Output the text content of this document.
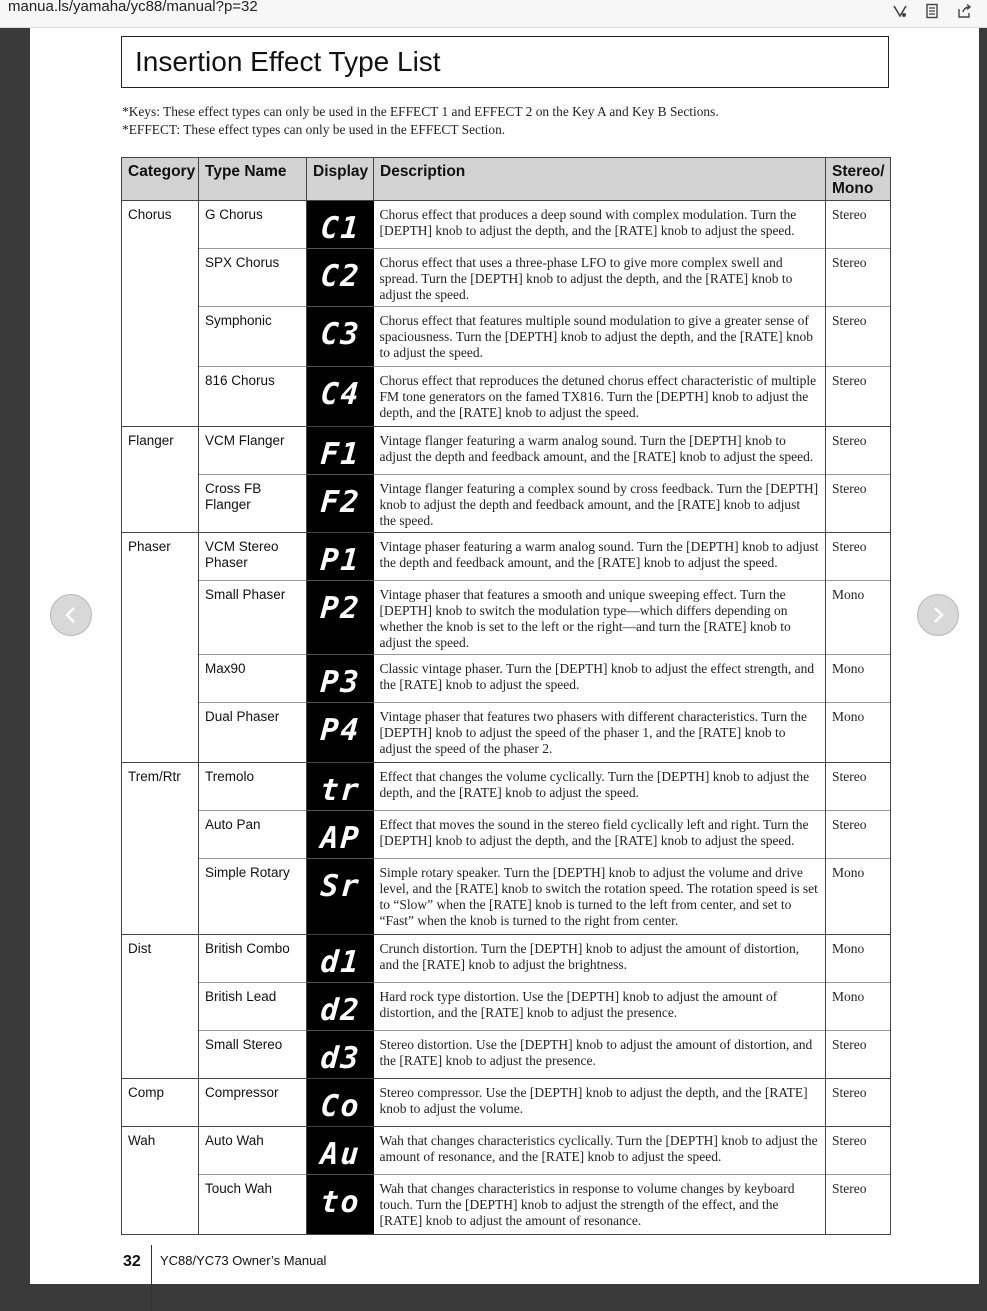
manua.ls/yamaha/yc88/manual?p=32
Insertion Effect Type List
*Keys: These effect types can only be used in the EFFECT 1 and EFFECT 2 on the Key A and Key B Sections.
*EFFECT: These effect types can only be used in the EFFECT Section.
Category	Type Name	Display	Description	Stereo/ Mono
Chorus	G Chorus	C1	Chorus effect that produces a deep sound with complex modulation. Turn the [DEPTH] knob to adjust the depth, and the [RATE] knob to adjust the speed.	Stereo
	SPX Chorus	C2	Chorus effect that uses a three-phase LFO to give more complex swell and spread. Turn the [DEPTH] knob to adjust the depth, and the [RATE] knob to adjust the speed.	Stereo
	Symphonic	C3	Chorus effect that features multiple sound modulation to give a greater sense of spaciousness. Turn the [DEPTH] knob to adjust the depth, and the [RATE] knob to adjust the speed.	Stereo
	816 Chorus	C4	Chorus effect that reproduces the detuned chorus effect characteristic of multiple FM tone generators on the famed TX816. Turn the [DEPTH] knob to adjust the depth, and the [RATE] knob to adjust the speed.	Stereo
Flanger	VCM Flanger	F1	Vintage flanger featuring a warm analog sound. Turn the [DEPTH] knob to adjust the depth and feedback amount, and the [RATE] knob to adjust the speed.	Stereo
	Cross FB Flanger	F2	Vintage flanger featuring a complex sound by cross feedback. Turn the [DEPTH] knob to adjust the depth and feedback amount, and the [RATE] knob to adjust the speed.	Stereo
Phaser	VCM Stereo Phaser	P1	Vintage phaser featuring a warm analog sound. Turn the [DEPTH] knob to adjust the depth and feedback amount, and the [RATE] knob to adjust the speed.	Stereo
	Small Phaser	P2	Vintage phaser that features a smooth and unique sweeping effect. Turn the [DEPTH] knob to switch the modulation type—which differs depending on whether the knob is set to the left or the right—and turn the [RATE] knob to adjust the speed.	Mono
	Max90	P3	Classic vintage phaser. Turn the [DEPTH] knob to adjust the effect strength, and the [RATE] knob to adjust the speed.	Mono
	Dual Phaser	P4	Vintage phaser that features two phasers with different characteristics. Turn the [DEPTH] knob to adjust the speed of the phaser 1, and the [RATE] knob to adjust the speed of the phaser 2.	Mono
Trem/Rtr	Tremolo	tr	Effect that changes the volume cyclically. Turn the [DEPTH] knob to adjust the depth, and the [RATE] knob to adjust the speed.	Stereo
	Auto Pan	AP	Effect that moves the sound in the stereo field cyclically left and right. Turn the [DEPTH] knob to adjust the depth, and the [RATE] knob to adjust the speed.	Stereo
	Simple Rotary	Sr	Simple rotary speaker. Turn the [DEPTH] knob to adjust the volume and drive level, and the [RATE] knob to switch the rotation speed. The rotation speed is set to “Slow” when the [RATE] knob is turned to the left from center, and set to “Fast” when the knob is turned to the right from center.	Mono
Dist	British Combo	d1	Crunch distortion. Turn the [DEPTH] knob to adjust the amount of distortion, and the [RATE] knob to adjust the brightness.	Mono
	British Lead	d2	Hard rock type distortion. Use the [DEPTH] knob to adjust the amount of distortion, and the [RATE] knob to adjust the presence.	Mono
	Small Stereo	d3	Stereo distortion. Use the [DEPTH] knob to adjust the amount of distortion, and the [RATE] knob to adjust the presence.	Stereo
Comp	Compressor	Co	Stereo compressor. Use the [DEPTH] knob to adjust the depth, and the [RATE] knob to adjust the volume.	Stereo
Wah	Auto Wah	Au	Wah that changes characteristics cyclically. Turn the [DEPTH] knob to adjust the amount of resonance, and the [RATE] knob to adjust the speed.	Stereo
	Touch Wah	to	Wah that changes characteristics in response to volume changes by keyboard touch. Turn the [DEPTH] knob to adjust the strength of the effect, and the [RATE] knob to adjust the amount of resonance.	Stereo
32 YC88/YC73 Owner’s Manual
